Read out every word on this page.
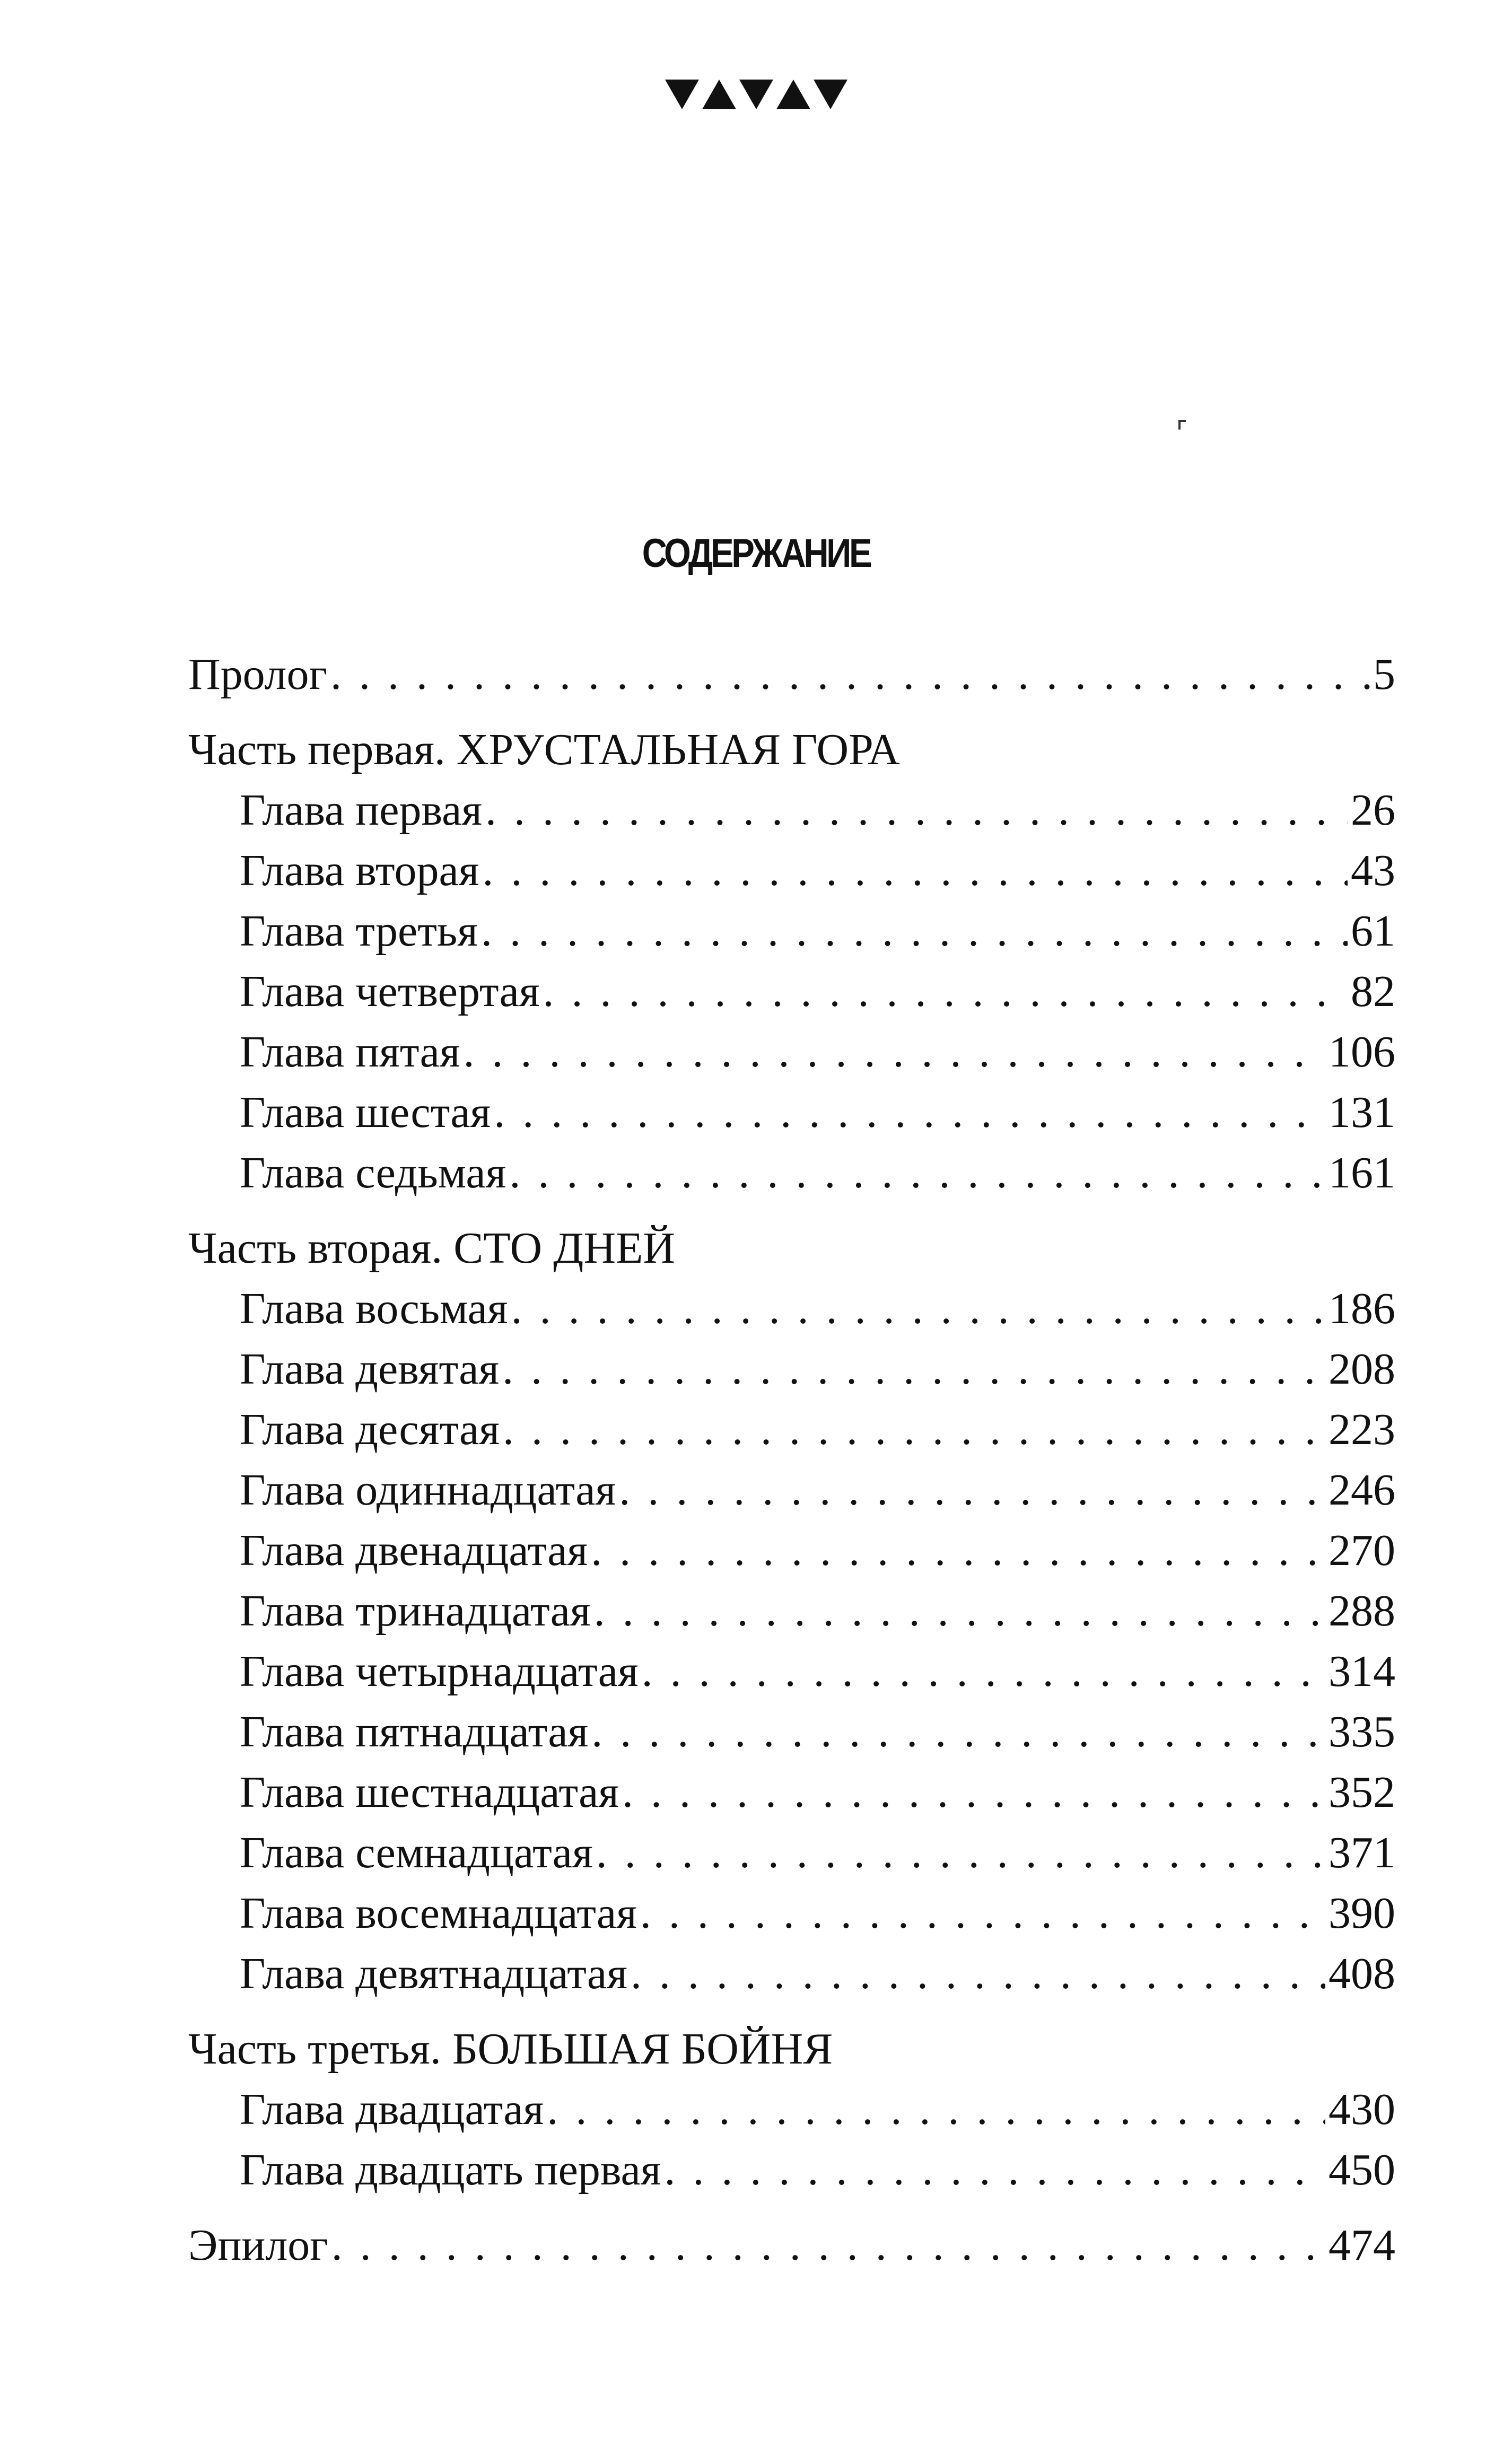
СОДЕРЖАНИЕ
Пролог . . .	5
Часть первая. ХРУСТАЛЬНАЯ ГОРА
Глава первая . . .	26
Глава вторая . . .	43
Глава третья . . .	61
Глава четвертая . . .	82
Глава пятая . . .	106
Глава шестая . . .	131
Глава седьмая . . .	161
Часть вторая. СТО ДНЕЙ
Глава восьмая . . .	186
Глава девятая . . .	208
Глава десятая . . .	223
Глава одиннадцатая . . .	246
Глава двенадцатая . . .	270
Глава тринадцатая . . .	288
Глава четырнадцатая . . .	314
Глава пятнадцатая . . .	335
Глава шестнадцатая . . .	352
Глава семнадцатая . . .	371
Глава восемнадцатая . . .	390
Глава девятнадцатая . . .	408
Часть третья. БОЛЬШАЯ БОЙНЯ
Глава двадцатая . . .	430
Глава двадцать первая . . .	450
Эпилог . . .	474
